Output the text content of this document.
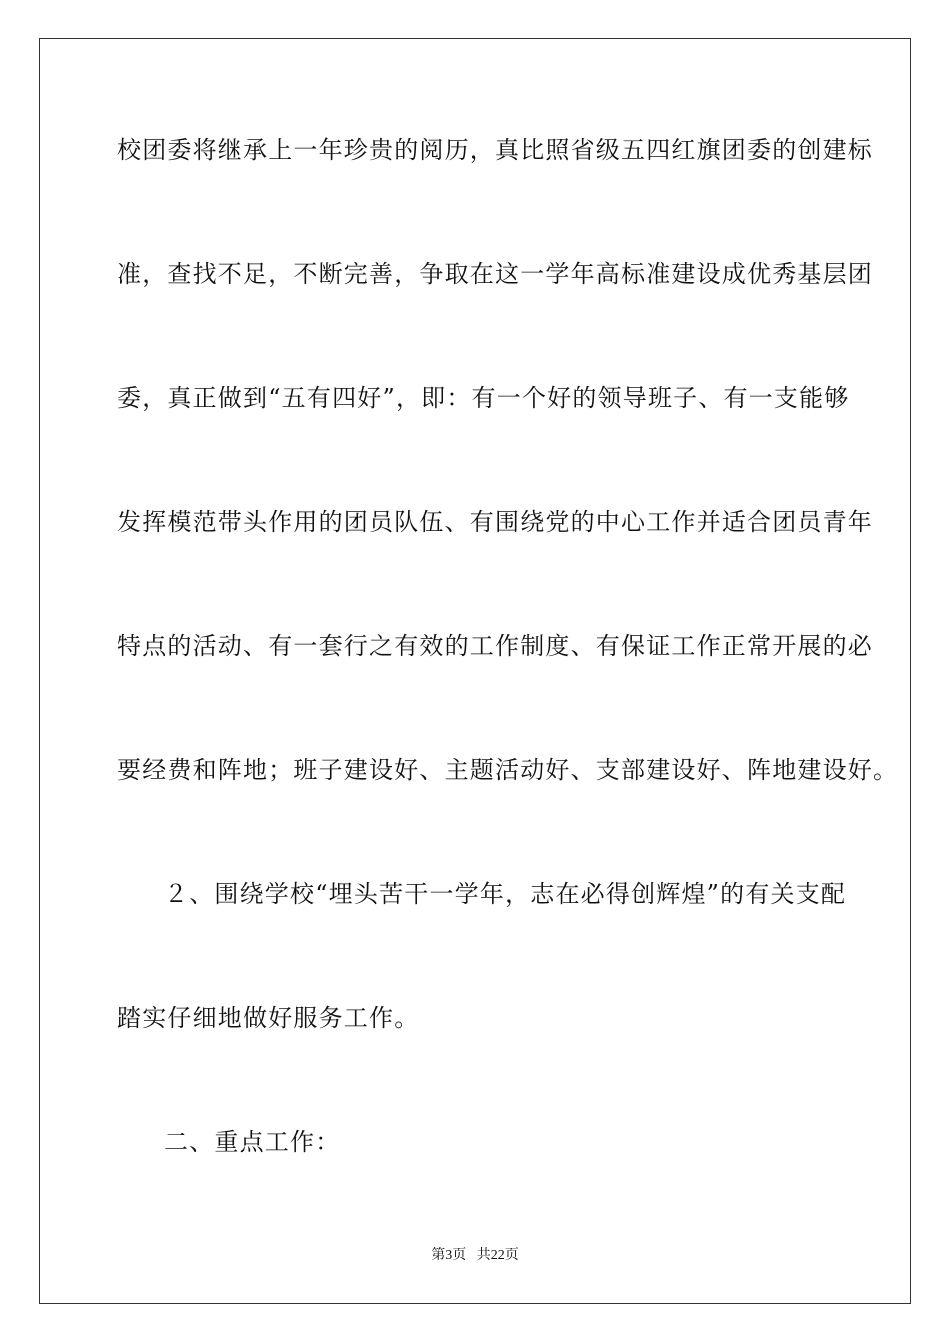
校团委将继承上一年珍贵的阅历，真比照省级五四红旗团委的创建标
准，查找不足，不断完善，争取在这一学年高标准建设成优秀基层团
委，真正做到“五有四好”，即：有一个好的领导班子、有一支能够
发挥模范带头作用的团员队伍、有围绕党的中心工作并适合团员青年
特点的活动、有一套行之有效的工作制度、有保证工作正常开展的必
要经费和阵地；班子建设好、主题活动好、支部建设好、阵地建设好。
２、围绕学校“埋头苦干一学年，志在必得创辉煌”的有关支配
踏实仔细地做好服务工作。
二、重点工作：
第3页   共22页
